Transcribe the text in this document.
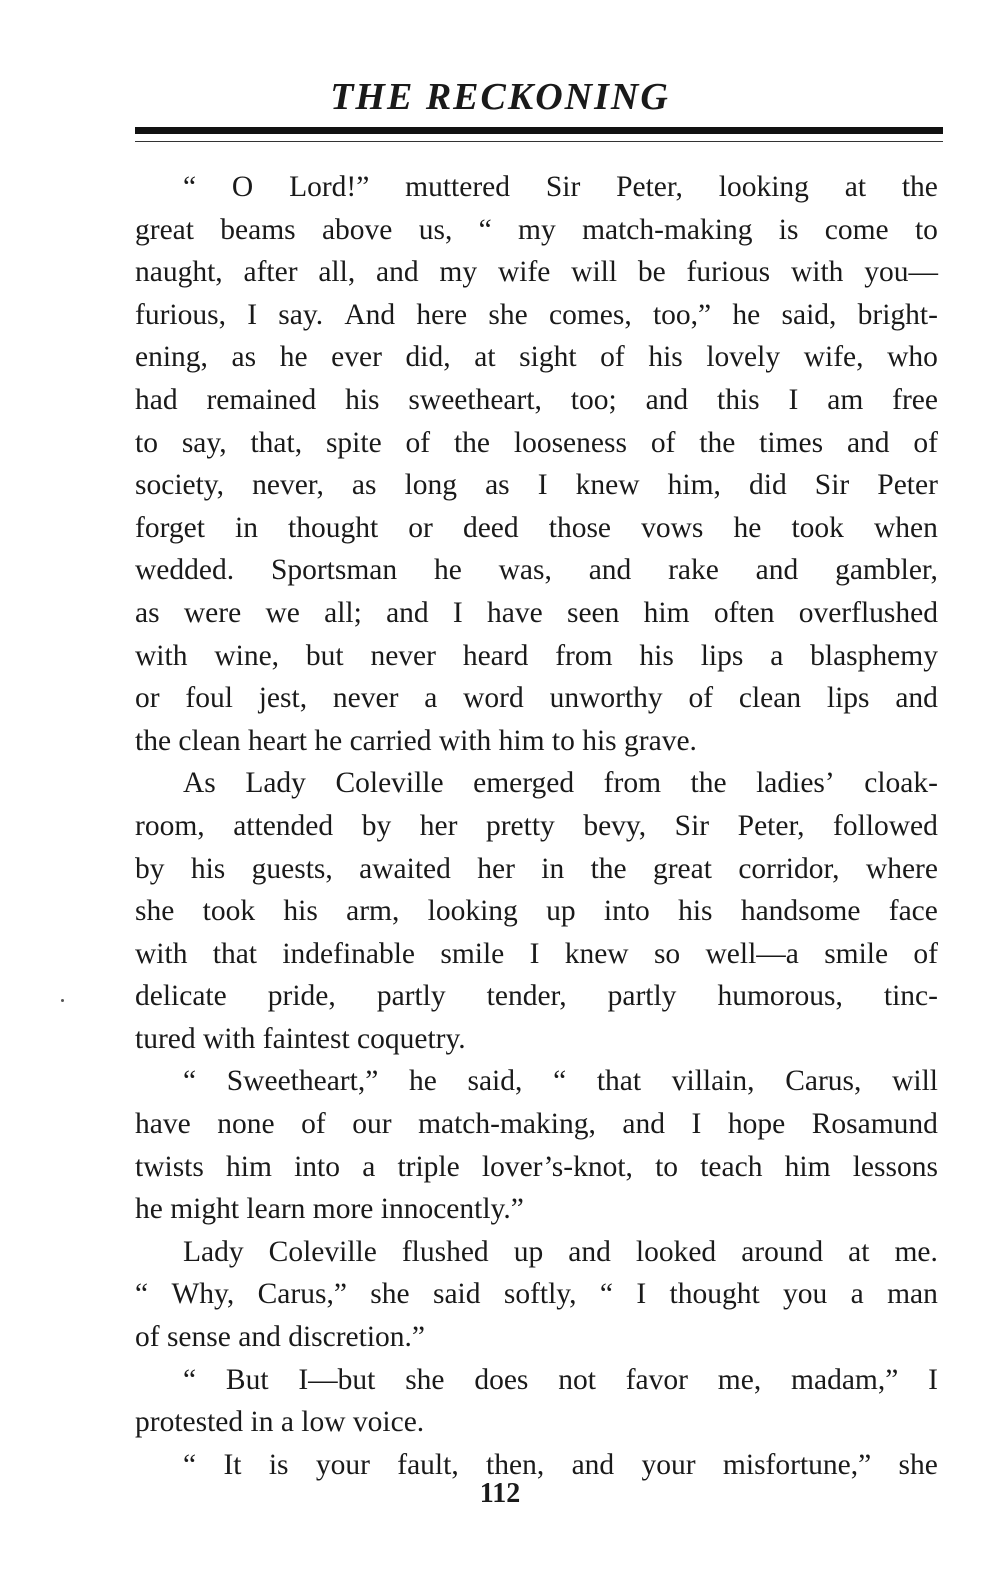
THE RECKONING
“ O Lord!” muttered Sir Peter, looking at the
great beams above us, “ my match-making is come to
naught, after all, and my wife will be furious with you—
furious, I say. And here she comes, too,” he said, bright-
ening, as he ever did, at sight of his lovely wife, who
had remained his sweetheart, too; and this I am free
to say, that, spite of the looseness of the times and of
society, never, as long as I knew him, did Sir Peter
forget in thought or deed those vows he took when
wedded. Sportsman he was, and rake and gambler,
as were we all; and I have seen him often overflushed
with wine, but never heard from his lips a blasphemy
or foul jest, never a word unworthy of clean lips and
the clean heart he carried with him to his grave.
As Lady Coleville emerged from the ladies’ cloak-
room, attended by her pretty bevy, Sir Peter, followed
by his guests, awaited her in the great corridor, where
she took his arm, looking up into his handsome face
with that indefinable smile I knew so well—a smile of
delicate pride, partly tender, partly humorous, tinc-
tured with faintest coquetry.
“ Sweetheart,” he said, “ that villain, Carus, will
have none of our match-making, and I hope Rosamund
twists him into a triple lover’s-knot, to teach him lessons
he might learn more innocently.”
Lady Coleville flushed up and looked around at me.
“ Why, Carus,” she said softly, “ I thought you a man
of sense and discretion.”
“ But I—but she does not favor me, madam,” I
protested in a low voice.
“ It is your fault, then, and your misfortune,” she
112
